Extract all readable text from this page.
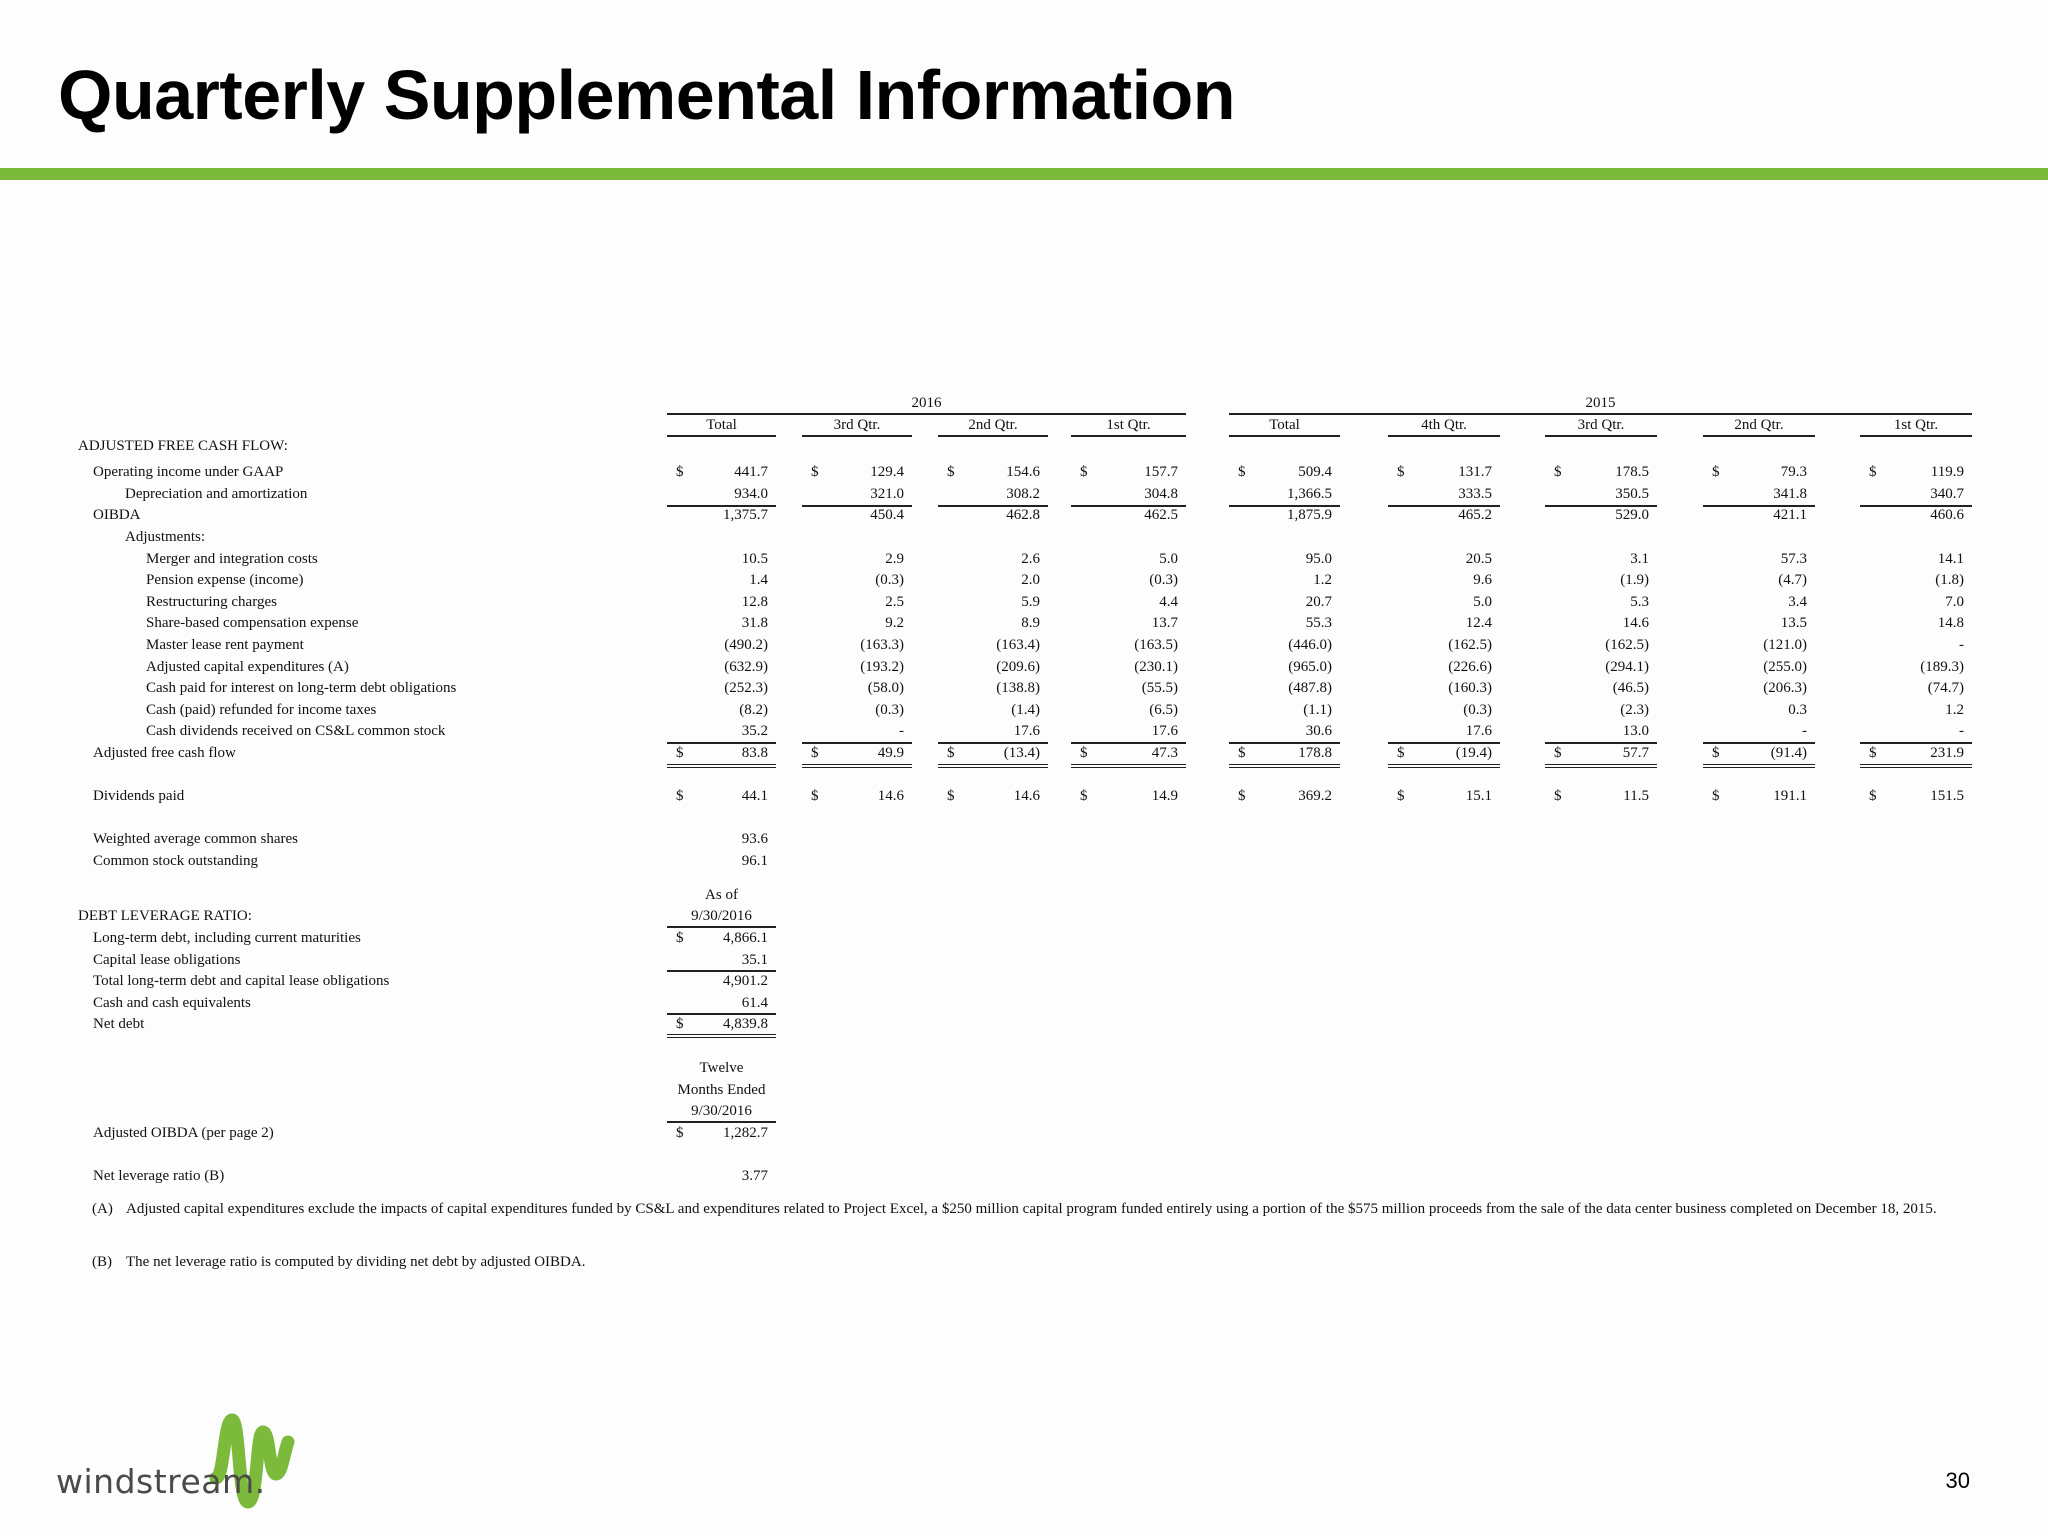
Quarterly Supplemental Information
2016	2015
Total	3rd Qtr.	2nd Qtr.	1st Qtr.	Total	4th Qtr.	3rd Qtr.	2nd Qtr.	1st Qtr.
ADJUSTED FREE CASH FLOW:
Operating income under GAAP	$	441.7	$	129.4	$	154.6	$	157.7	$	509.4	$	131.7	$	178.5	$	79.3	$	119.9
Depreciation and amortization	934.0	321.0	308.2	304.8	1,366.5	333.5	350.5	341.8	340.7
OIBDA	1,375.7	450.4	462.8	462.5	1,875.9	465.2	529.0	421.1	460.6
Adjustments:
Merger and integration costs	10.5	2.9	2.6	5.0	95.0	20.5	3.1	57.3	14.1
Pension expense (income)	1.4	(0.3)	2.0	(0.3)	1.2	9.6	(1.9)	(4.7)	(1.8)
Restructuring charges	12.8	2.5	5.9	4.4	20.7	5.0	5.3	3.4	7.0
Share-based compensation expense	31.8	9.2	8.9	13.7	55.3	12.4	14.6	13.5	14.8
Master lease rent payment	(490.2)	(163.3)	(163.4)	(163.5)	(446.0)	(162.5)	(162.5)	(121.0)	-
Adjusted capital expenditures (A)	(632.9)	(193.2)	(209.6)	(230.1)	(965.0)	(226.6)	(294.1)	(255.0)	(189.3)
Cash paid for interest on long-term debt obligations	(252.3)	(58.0)	(138.8)	(55.5)	(487.8)	(160.3)	(46.5)	(206.3)	(74.7)
Cash (paid) refunded for income taxes	(8.2)	(0.3)	(1.4)	(6.5)	(1.1)	(0.3)	(2.3)	0.3	1.2
Cash dividends received on CS&L common stock	35.2	-	17.6	17.6	30.6	17.6	13.0	-	-
Adjusted free cash flow	$	83.8	$	49.9	$	(13.4)	$	47.3	$	178.8	$	(19.4)	$	57.7	$	(91.4)	$	231.9
Dividends paid	$	44.1	$	14.6	$	14.6	$	14.9	$	369.2	$	15.1	$	11.5	$	191.1	$	151.5
Weighted average common shares	93.6
Common stock outstanding	96.1
As of
9/30/2016
DEBT LEVERAGE RATIO:
Long-term debt, including current maturities	$	4,866.1
Capital lease obligations	35.1
Total long-term debt and capital lease obligations	4,901.2
Cash and cash equivalents	61.4
Net debt	$	4,839.8
Twelve
Months Ended
9/30/2016
Adjusted OIBDA (per page 2)	$	1,282.7
Net leverage ratio (B)	3.77
(A) Adjusted capital expenditures exclude the impacts of capital expenditures funded by CS&L and expenditures related to Project Excel, a $250 million capital program funded entirely using a portion of the $575 million proceeds from the sale of the data center business completed on December 18, 2015.
(B) The net leverage ratio is computed by dividing net debt by adjusted OIBDA.
windstream.	30
